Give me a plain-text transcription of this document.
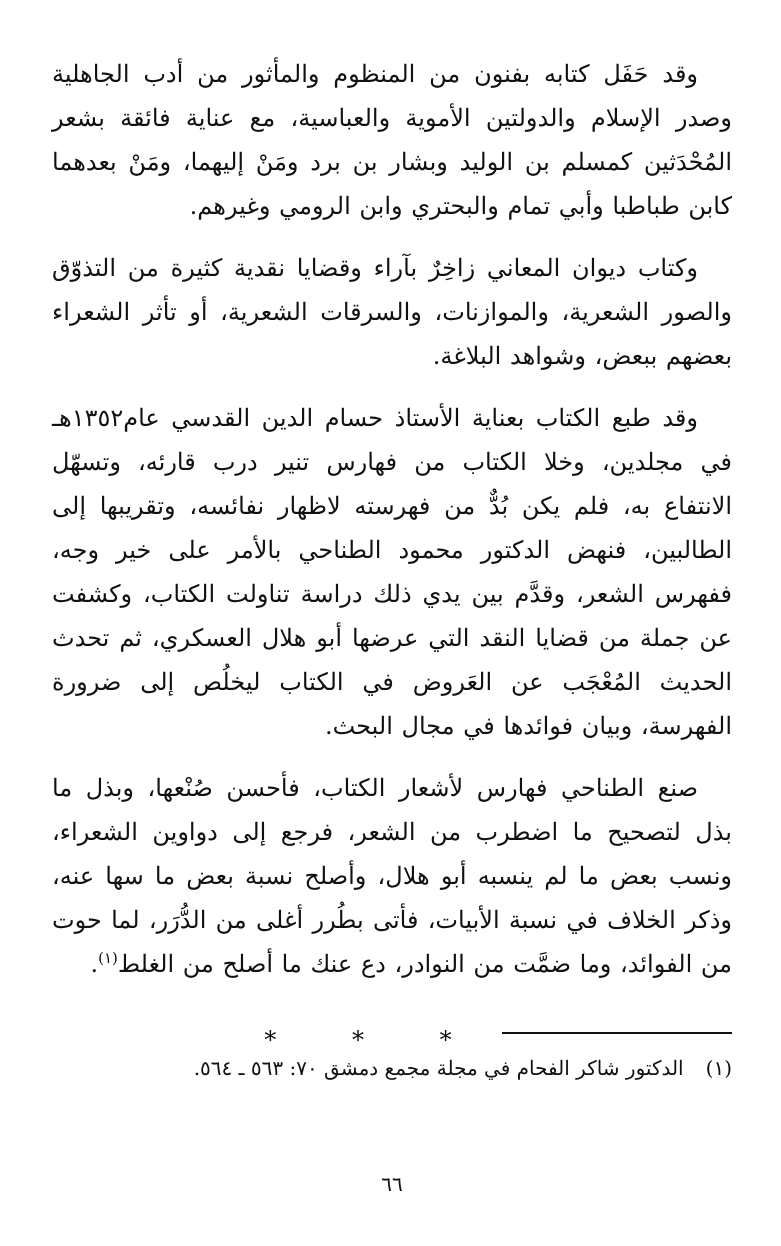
وقد حَفَل كتابه بفنون من المنظوم والمأثور من أدب الجاهلية وصدر الإسلام والدولتين الأموية والعباسية، مع عناية فائقة بشعر المُحْدَثين كمسلم بن الوليد وبشار بن برد ومَنْ إليهما، ومَنْ بعدهما كابن طباطبا وأبي تمام والبحتري وابن الرومي وغيرهم.

وكتاب ديوان المعاني زاخِرٌ بآراء وقضايا نقدية كثيرة من التذوّق والصور الشعرية، والموازنات، والسرقات الشعرية، أو تأثر الشعراء بعضهم ببعض، وشواهد البلاغة.

وقد طبع الكتاب بعناية الأستاذ حسام الدين القدسي عام١٣٥٢هـ في مجلدين، وخلا الكتاب من فهارس تنير درب قارئه، وتسهّل الانتفاع به، فلم يكن بُدٌّ من فهرسته لاظهار نفائسه، وتقريبها إلى الطالبين، فنهض الدكتور محمود الطناحي بالأمر على خير وجه، ففهرس الشعر، وقدَّم بين يدي ذلك دراسة تناولت الكتاب، وكشفت عن جملة من قضايا النقد التي عرضها أبو هلال العسكري، ثم تحدث الحديث المُعْجَب عن العَروض في الكتاب ليخلُص إلى ضرورة الفهرسة، وبيان فوائدها في مجال البحث.

صنع الطناحي فهارس لأشعار الكتاب، فأحسن صُنْعها، وبذل ما بذل لتصحيح ما اضطرب من الشعر، فرجع إلى دواوين الشعراء، ونسب بعض ما لم ينسبه أبو هلال، وأصلح نسبة بعض ما سها عنه، وذكر الخلاف في نسبة الأبيات، فأتى بطُرر أغلى من الدُّرَر، لما حوت من الفوائد، وما ضمَّت من النوادر، دع عنك ما أصلح من الغلط$^{(١)}$.

* * *
(١)الدكتور شاكر الفحام في مجلة مجمع دمشق ٧٠: ٥٦٣ ـ ٥٦٤.
٦٦
